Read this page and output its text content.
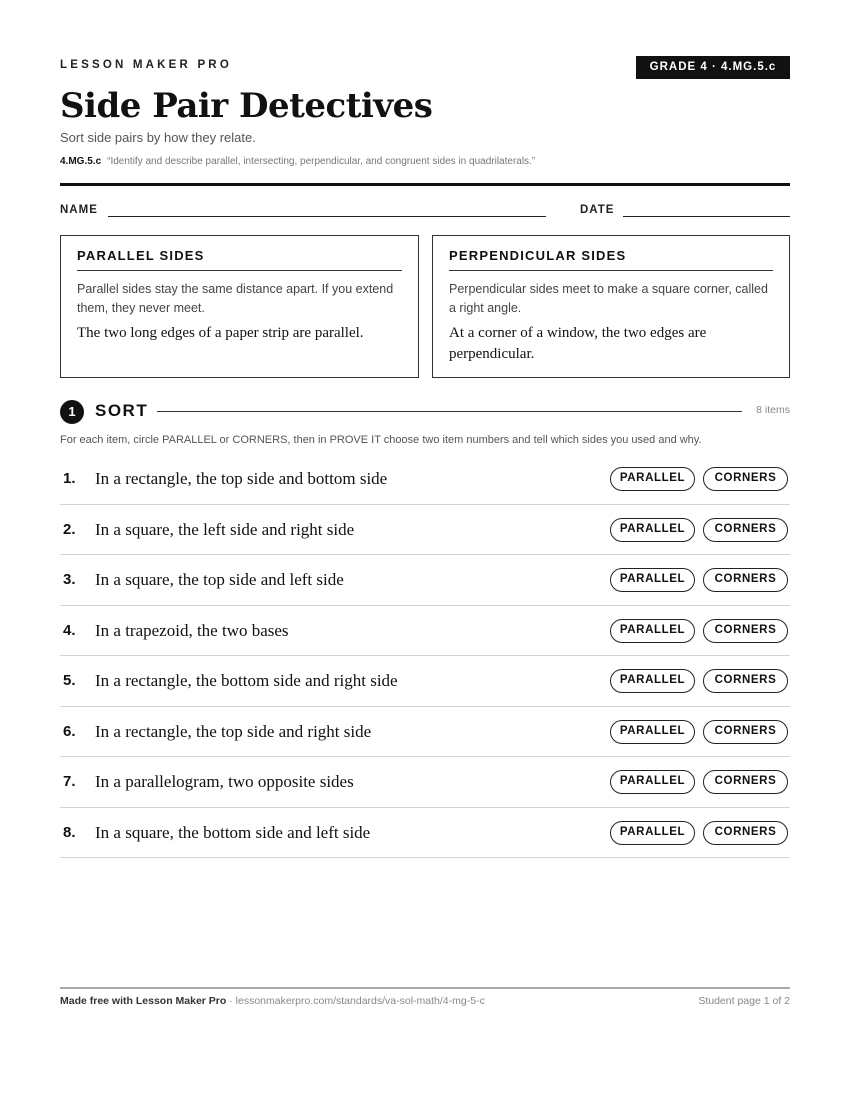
LESSON MAKER PRO	GRADE 4 · 4.MG.5.c
Side Pair Detectives
Sort side pairs by how they relate.
4.MG.5.c “Identify and describe parallel, intersecting, perpendicular, and congruent sides in quadrilaterals.”
NAME	DATE
PARALLEL SIDES
Parallel sides stay the same distance apart. If you extend them, they never meet.
The two long edges of a paper strip are parallel.
PERPENDICULAR SIDES
Perpendicular sides meet to make a square corner, called a right angle.
At a corner of a window, the two edges are perpendicular.
1	SORT	8 items
For each item, circle PARALLEL or CORNERS, then in PROVE IT choose two item numbers and tell which sides you used and why.
1. In a rectangle, the top side and bottom side	PARALLEL	CORNERS
2. In a square, the left side and right side	PARALLEL	CORNERS
3. In a square, the top side and left side	PARALLEL	CORNERS
4. In a trapezoid, the two bases	PARALLEL	CORNERS
5. In a rectangle, the bottom side and right side	PARALLEL	CORNERS
6. In a rectangle, the top side and right side	PARALLEL	CORNERS
7. In a parallelogram, two opposite sides	PARALLEL	CORNERS
8. In a square, the bottom side and left side	PARALLEL	CORNERS
Made free with Lesson Maker Pro · lessonmakerpro.com/standards/va-sol-math/4-mg-5-c	Student page 1 of 2
